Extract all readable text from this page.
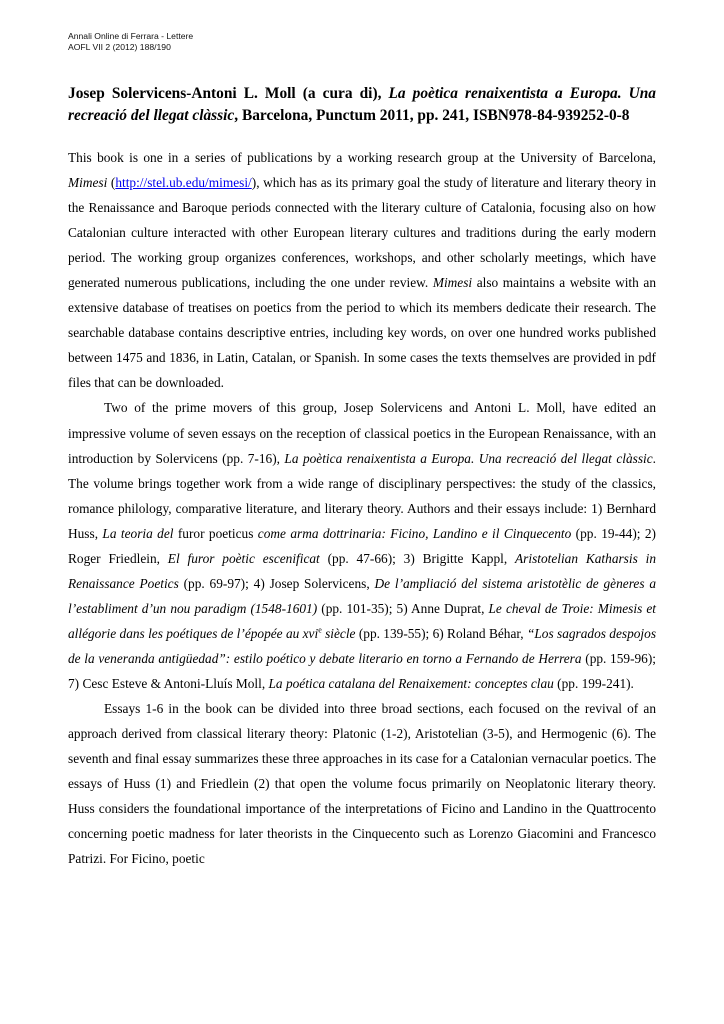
Annali Online di Ferrara - Lettere
AOFL VII 2 (2012) 188/190
Josep Solervicens-Antoni L. Moll (a cura di), La poètica renaixentista a Europa. Una recreació del llegat clàssic, Barcelona, Punctum 2011, pp. 241, ISBN978-84-939252-0-8

This book is one in a series of publications by a working research group at the University of Barcelona, Mimesi (http://stel.ub.edu/mimesi/), which has as its primary goal the study of literature and literary theory in the Renaissance and Baroque periods connected with the literary culture of Catalonia, focusing also on how Catalonian culture interacted with other European literary cultures and traditions during the early modern period. The working group organizes conferences, workshops, and other scholarly meetings, which have generated numerous publications, including the one under review. Mimesi also maintains a website with an extensive database of treatises on poetics from the period to which its members dedicate their research. The searchable database contains descriptive entries, including key words, on over one hundred works published between 1475 and 1836, in Latin, Catalan, or Spanish. In some cases the texts themselves are provided in pdf files that can be downloaded.

Two of the prime movers of this group, Josep Solervicens and Antoni L. Moll, have edited an impressive volume of seven essays on the reception of classical poetics in the European Renaissance, with an introduction by Solervicens (pp. 7-16), La poètica renaixentista a Europa. Una recreació del llegat clàssic. The volume brings together work from a wide range of disciplinary perspectives: the study of the classics, romance philology, comparative literature, and literary theory. Authors and their essays include: 1) Bernhard Huss, La teoria del furor poeticus come arma dottrinaria: Ficino, Landino e il Cinquecento (pp. 19-44); 2) Roger Friedlein, El furor poètic escenificat (pp. 47-66); 3) Brigitte Kappl, Aristotelian Katharsis in Renaissance Poetics (pp. 69-97); 4) Josep Solervicens, De l’ampliació del sistema aristotèlic de gèneres a l’establiment d’un nou paradigm (1548-1601) (pp. 101-35); 5) Anne Duprat, Le cheval de Troie: Mimesis et allégorie dans les poétiques de l’épopée au xvi$^e$ siècle (pp. 139-55); 6) Roland Béhar, “Los sagrados despojos de la veneranda antigüedad”: estilo poético y debate literario en torno a Fernando de Herrera (pp. 159-96); 7) Cesc Esteve & Antoni-Lluís Moll, La poética catalana del Renaixement: conceptes clau (pp. 199-241).

Essays 1-6 in the book can be divided into three broad sections, each focused on the revival of an approach derived from classical literary theory: Platonic (1-2), Aristotelian (3-5), and Hermogenic (6). The seventh and final essay summarizes these three approaches in its case for a Catalonian vernacular poetics. The essays of Huss (1) and Friedlein (2) that open the volume focus primarily on Neoplatonic literary theory. Huss considers the foundational importance of the interpretations of Ficino and Landino in the Quattrocento concerning poetic madness for later theorists in the Cinquecento such as Lorenzo Giacomini and Francesco Patrizi. For Ficino, poetic
